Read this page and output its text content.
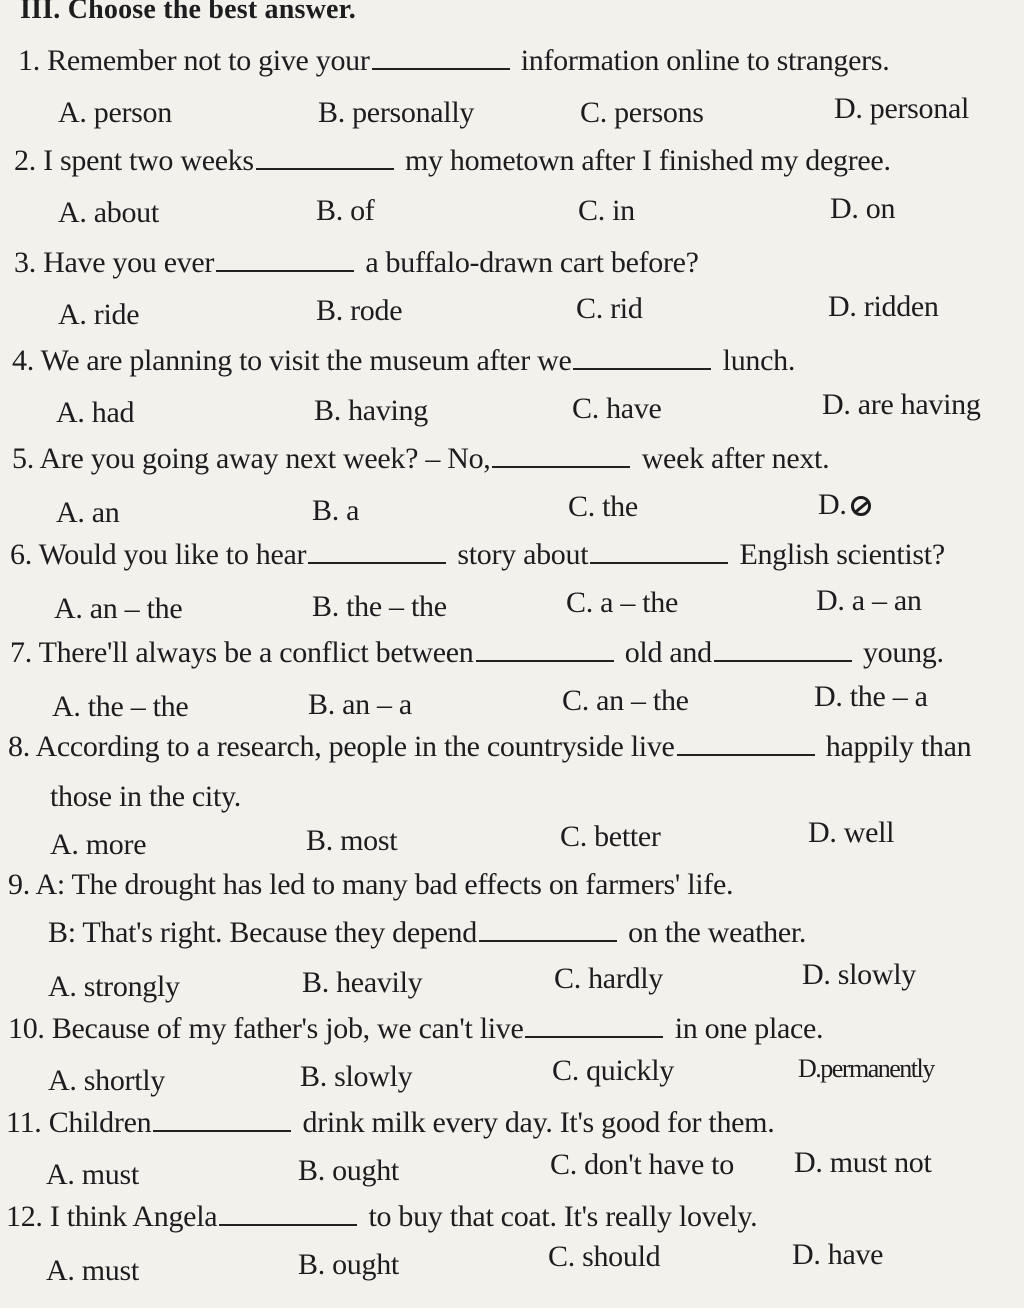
III. Choose the best answer.
1. Remember not to give your	information online to strangers.
A. person	B. personally	C. persons	D. personal
2. I spent two weeks	my hometown after I finished my degree.
A. about	B. of	C. in	D. on
3. Have you ever	a buffalo-drawn cart before?
A. ride	B. rode	C. rid	D. ridden
4. We are planning to visit the museum after we	lunch.
A. had	B. having	C. have	D. are having
5. Are you going away next week? – No,	week after next.
A. an	B. a	C. the	D.
6. Would you like to hear	story about	English scientist?
A. an – the	B. the – the	C. a – the	D. a – an
7. There'll always be a conflict between	old and	young.
A. the – the	B. an – a	C. an – the	D. the – a
8. According to a research, people in the countryside live	happily than
those in the city.
A. more	B. most	C. better	D. well
9. A: The drought has led to many bad effects on farmers' life.
B: That's right. Because they depend	on the weather.
A. strongly	B. heavily	C. hardly	D. slowly
10. Because of my father's job, we can't live	in one place.
A. shortly	B. slowly	C. quickly	D.permanently
11. Children	drink milk every day. It's good for them.
A. must	B. ought	C. don't have to D. must not
12. I think Angela	to buy that coat. It's really lovely.
A. must	B. ought	C. should	D. have
